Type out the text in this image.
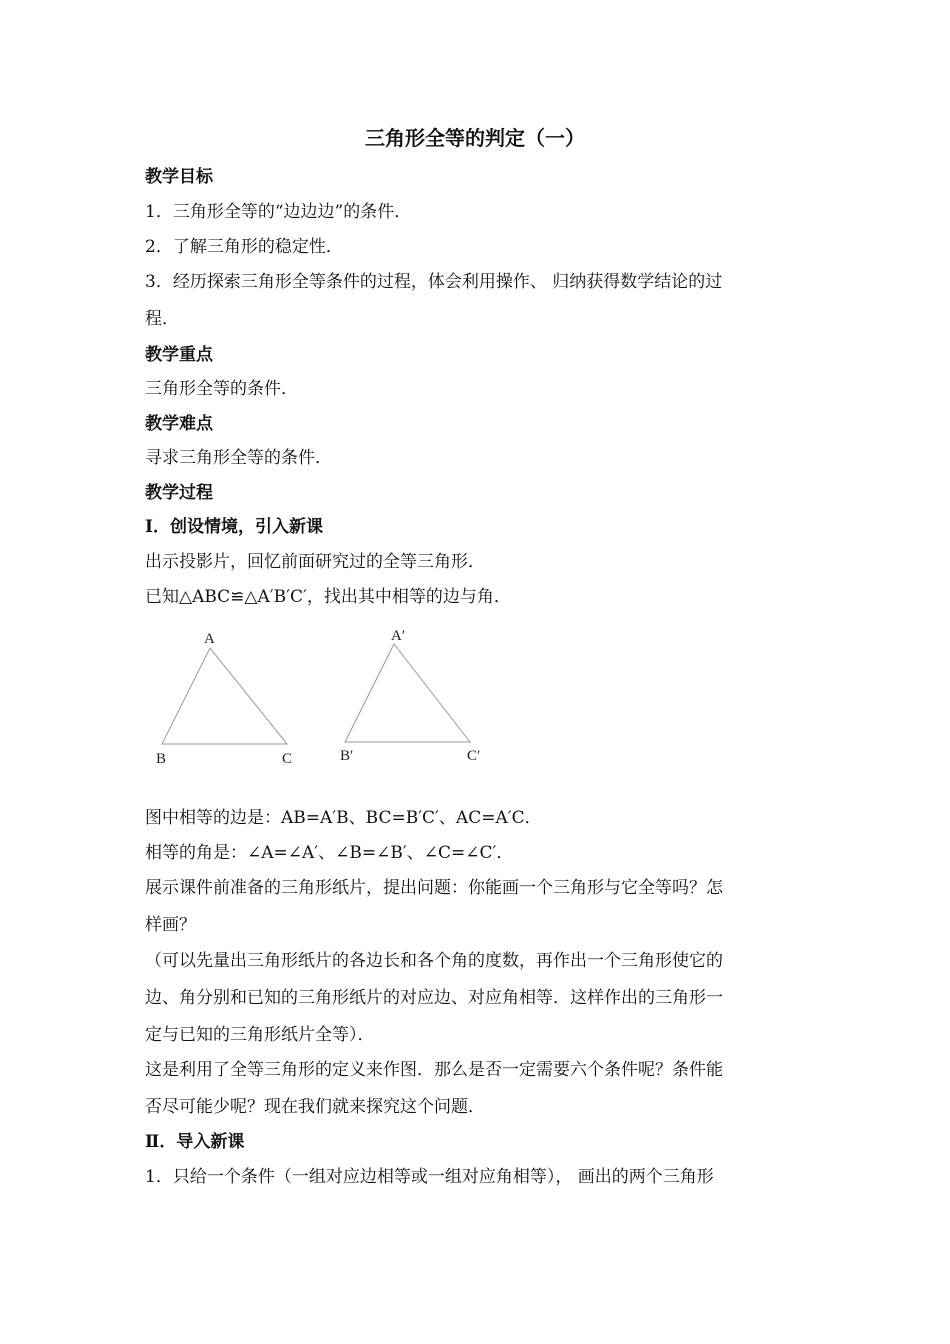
三角形全等的判定（一）
教学目标
1．三角形全等的“边边边”的条件．
2．了解三角形的稳定性．
3．经历探索三角形全等条件的过程，体会利用操作、 归纳获得数学结论的过
程．
教学重点
三角形全等的条件．
教学难点
寻求三角形全等的条件．
教学过程
Ⅰ．创设情境，引入新课
出示投影片，回忆前面研究过的全等三角形．
已知△ABC≌△A′B′C′，找出其中相等的边与角．
A
B	C
A′
B′	C′
图中相等的边是：AB=A′B、BC=B′C′、AC=A′C．
相等的角是：∠A=∠A′、∠B=∠B′、∠C=∠C′．
展示课件前准备的三角形纸片，提出问题：你能画一个三角形与它全等吗？怎
样画？
（可以先量出三角形纸片的各边长和各个角的度数，再作出一个三角形使它的
边、角分别和已知的三角形纸片的对应边、对应角相等．这样作出的三角形一
定与已知的三角形纸片全等）．
这是利用了全等三角形的定义来作图．那么是否一定需要六个条件呢？条件能
否尽可能少呢？现在我们就来探究这个问题．
Ⅱ．导入新课
1．只给一个条件（一组对应边相等或一组对应角相等）， 画出的两个三角形
